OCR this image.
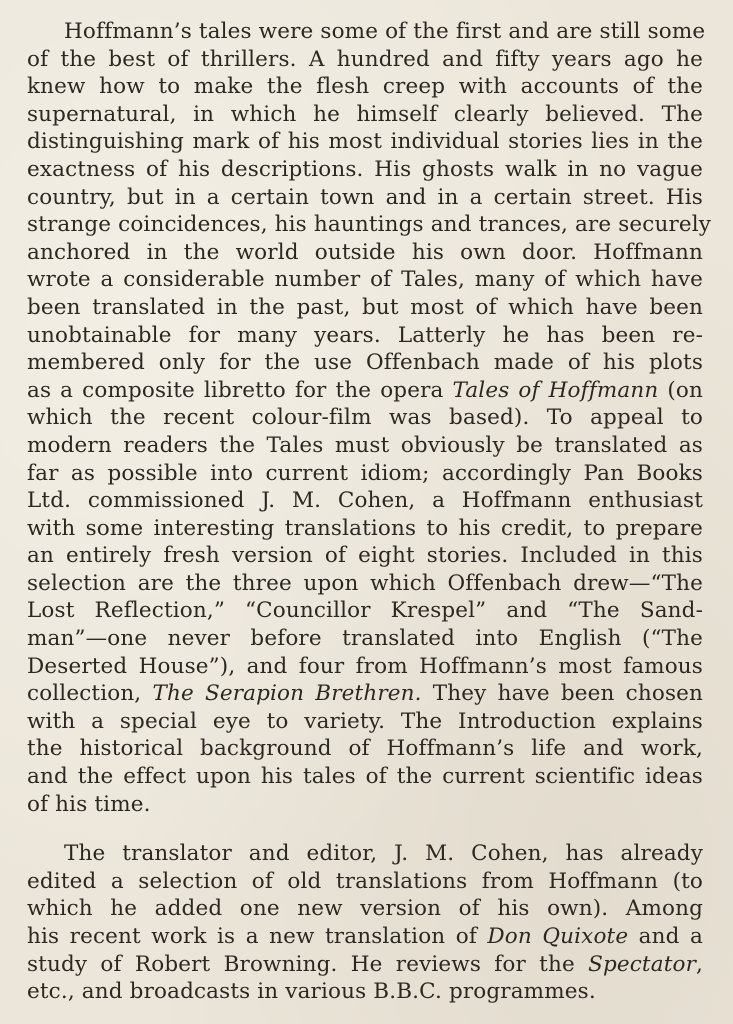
Hoffmann’s tales were some of the first and are still some
of the best of thrillers. A hundred and fifty years ago he
knew how to make the flesh creep with accounts of the
supernatural, in which he himself clearly believed. The
distinguishing mark of his most individual stories lies in the
exactness of his descriptions. His ghosts walk in no vague
country, but in a certain town and in a certain street. His
strange coincidences, his hauntings and trances, are securely
anchored in the world outside his own door. Hoffmann
wrote a considerable number of Tales, many of which have
been translated in the past, but most of which have been
unobtainable for many years. Latterly he has been re-
membered only for the use Offenbach made of his plots
as a composite libretto for the opera Tales of Hoffmann (on
which the recent colour-film was based). To appeal to
modern readers the Tales must obviously be translated as
far as possible into current idiom; accordingly Pan Books
Ltd. commissioned J. M. Cohen, a Hoffmann enthusiast
with some interesting translations to his credit, to prepare
an entirely fresh version of eight stories. Included in this
selection are the three upon which Offenbach drew—“The
Lost Reflection,” “Councillor Krespel” and “The Sand-
man”—one never before translated into English (“The
Deserted House”), and four from Hoffmann’s most famous
collection, The Serapion Brethren. They have been chosen
with a special eye to variety. The Introduction explains
the historical background of Hoffmann’s life and work,
and the effect upon his tales of the current scientific ideas
of his time.

The translator and editor, J. M. Cohen, has already
edited a selection of old translations from Hoffmann (to
which he added one new version of his own). Among
his recent work is a new translation of Don Quixote and a
study of Robert Browning. He reviews for the Spectator,
etc., and broadcasts in various B.B.C. programmes.
